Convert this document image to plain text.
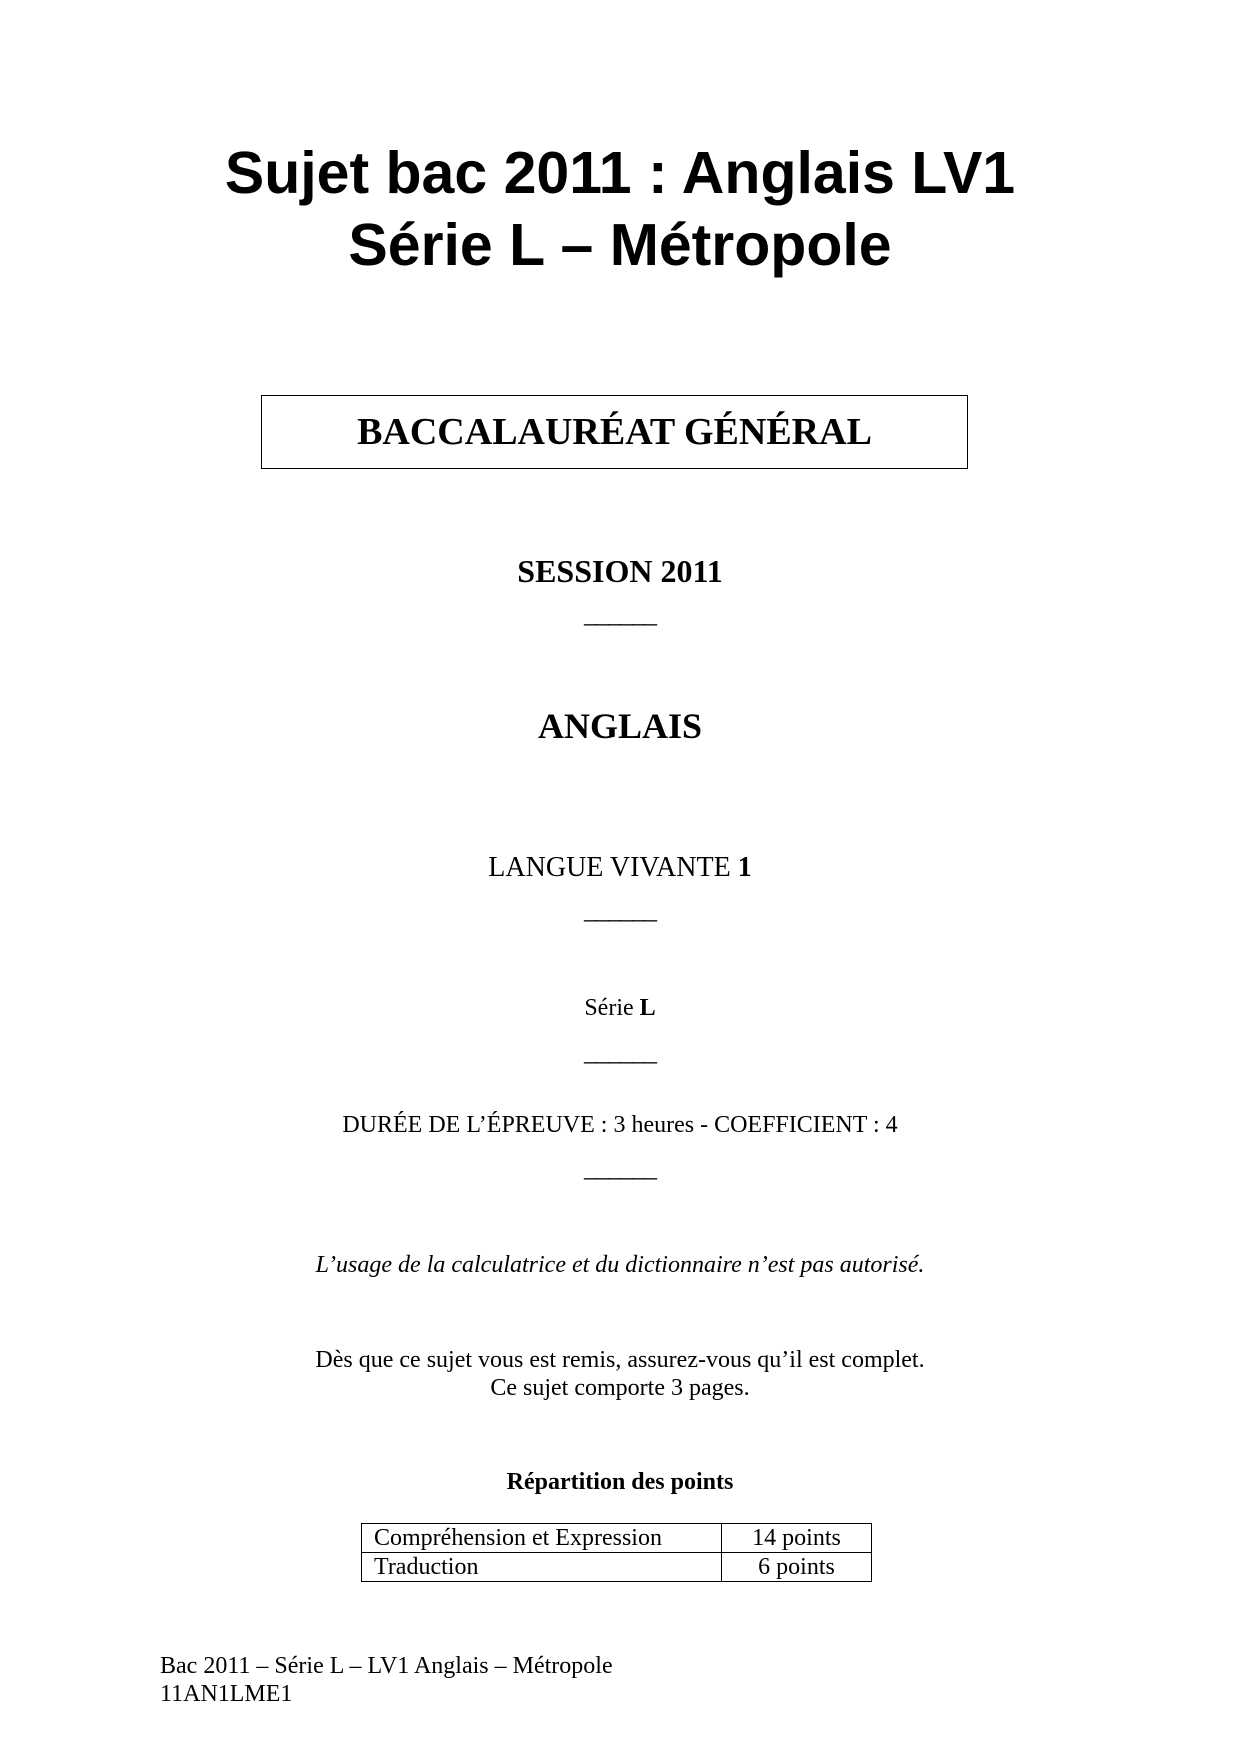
Sujet bac 2011 : Anglais LV1
Série L – Métropole
BACCALAURÉAT GÉNÉRAL
SESSION 2011
______
ANGLAIS
LANGUE VIVANTE 1
______
Série L
______
DURÉE DE L’ÉPREUVE : 3 heures - COEFFICIENT : 4
______
L’usage de la calculatrice et du dictionnaire n’est pas autorisé.
Dès que ce sujet vous est remis, assurez-vous qu’il est complet.
Ce sujet comporte 3 pages.
Répartition des points
Compréhension et Expression	14 points
Traduction	6 points
Bac 2011 – Série L – LV1 Anglais – Métropole
11AN1LME1
